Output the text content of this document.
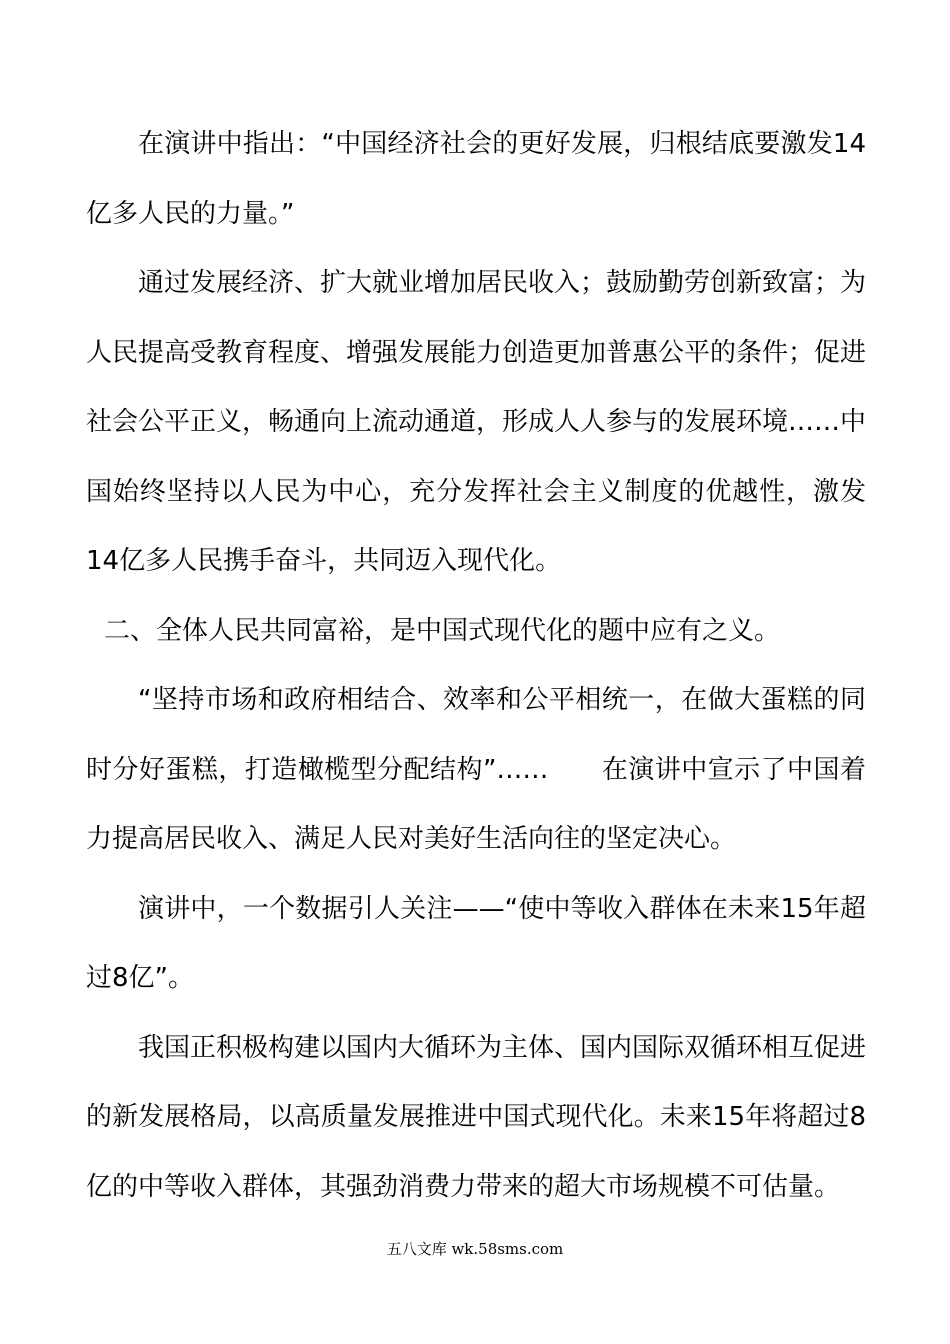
在演讲中指出：“中国经济社会的更好发展，归根结底要激发14亿多人民的力量。”

通过发展经济、扩大就业增加居民收入；鼓励勤劳创新致富；为人民提高受教育程度、增强发展能力创造更加普惠公平的条件；促进社会公平正义，畅通向上流动通道，形成人人参与的发展环境……中国始终坚持以人民为中心，充分发挥社会主义制度的优越性，激发14亿多人民携手奋斗，共同迈入现代化。

二、全体人民共同富裕，是中国式现代化的题中应有之义。

“坚持市场和政府相结合、效率和公平相统一，在做大蛋糕的同时分好蛋糕，打造橄榄型分配结构”……　　在演讲中宣示了中国着力提高居民收入、满足人民对美好生活向往的坚定决心。

演讲中，一个数据引人关注——“使中等收入群体在未来15年超过8亿”。

我国正积极构建以国内大循环为主体、国内国际双循环相互促进的新发展格局，以高质量发展推进中国式现代化。未来15年将超过8亿的中等收入群体，其强劲消费力带来的超大市场规模不可估量。

五八文库 wk.58sms.com
